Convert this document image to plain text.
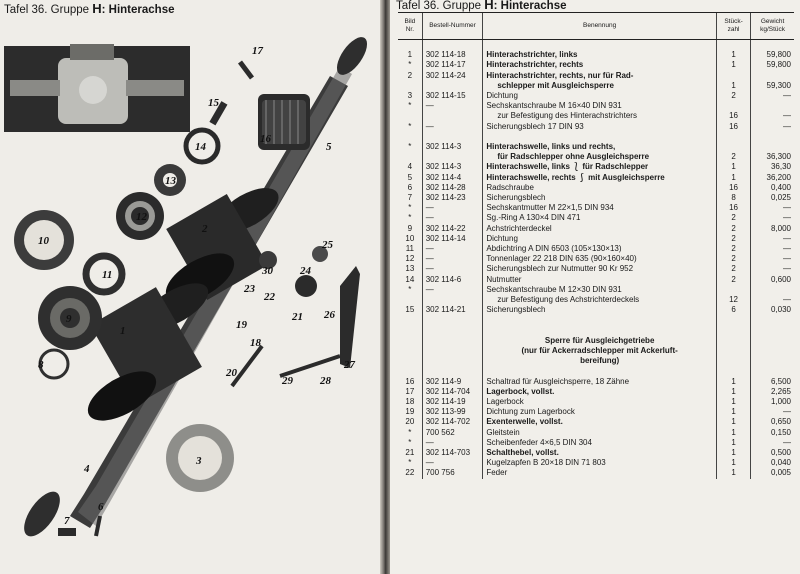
Tafel 36. Gruppe H: Hinterachse
1
2
3
4
5
6
7
8
9
10
11
12
13
14
15
16
17
18
19
20
21
22
23
24
25
26
27
28
29
30
Tafel 36. Gruppe H: Hinterachse
Bild Nr.	Bestell-Nummer	Benennung	Stück-zahl	Gewicht kg/Stück

1	302 114-18	Hinterachstrichter, links	1	59,800
*	302 114-17	Hinterachstrichter, rechts	1	59,800
2	302 114-24	Hinterachstrichter, rechts, nur für Rad-		
		schlepper mit Ausgleichsperre	1	59,300
3	302 114-15	Dichtung	2	—
*	—	Sechskantschraube M 16×40 DIN 931		
		zur Befestigung des Hinterachstrichters	16	—
*	—	Sicherungsblech 17 DIN 93	16	—

*	302 114-3	Hinterachswelle, links und rechts,		
		für Radschlepper ohne Ausgleichsperre	2	36,300
4	302 114-3	Hinterachswelle, links ⎱ für Radschlepper	1	36,30
5	302 114-4	Hinterachswelle, rechts ⎰ mit Ausgleichsperre	1	36,200
6	302 114-28	Radschraube	16	0,400
7	302 114-23	Sicherungsblech	8	0,025
*	—	Sechskantmutter M 22×1,5 DIN 934	16	—
*	—	Sg.-Ring A 130×4 DIN 471	2	—
9	302 114-22	Achstrichterdeckel	2	8,000
10	302 114-14	Dichtung	2	—
11	—	Abdichtring A DIN 6503 (105×130×13)	2	—
12	—	Tonnenlager 22 218 DIN 635 (90×160×40)	2	—
13	—	Sicherungsblech zur Nutmutter 90 Kr 952	2	—
14	302 114-6	Nutmutter	2	0,600
*	—	Sechskantschraube M 12×30 DIN 931		
		zur Befestigung des Achstrichterdeckels	12	—
15	302 114-21	Sicherungsblech	6	0,030

		Sperre für Ausgleichgetriebe		
		(nur für Ackerradschlepper mit Ackerluft-		
		bereifung)		

16	302 114-9	Schaltrad für Ausgleichsperre, 18 Zähne	1	6,500
17	302 114-704	Lagerbock, vollst.	1	2,265
18	302 114-19	Lagerbock	1	1,000
19	302 113-99	Dichtung zum Lagerbock	1	—
20	302 114-702	Exenterwelle, vollst.	1	0,650
*	700 562	Gleitstein	1	0,150
*	—	Scheibenfeder 4×6,5 DIN 304	1	—
21	302 114-703	Schalthebel, vollst.	1	0,500
*	—	Kugelzapfen B 20×18 DIN 71 803	1	0,040
22	700 756	Feder	1	0,005
